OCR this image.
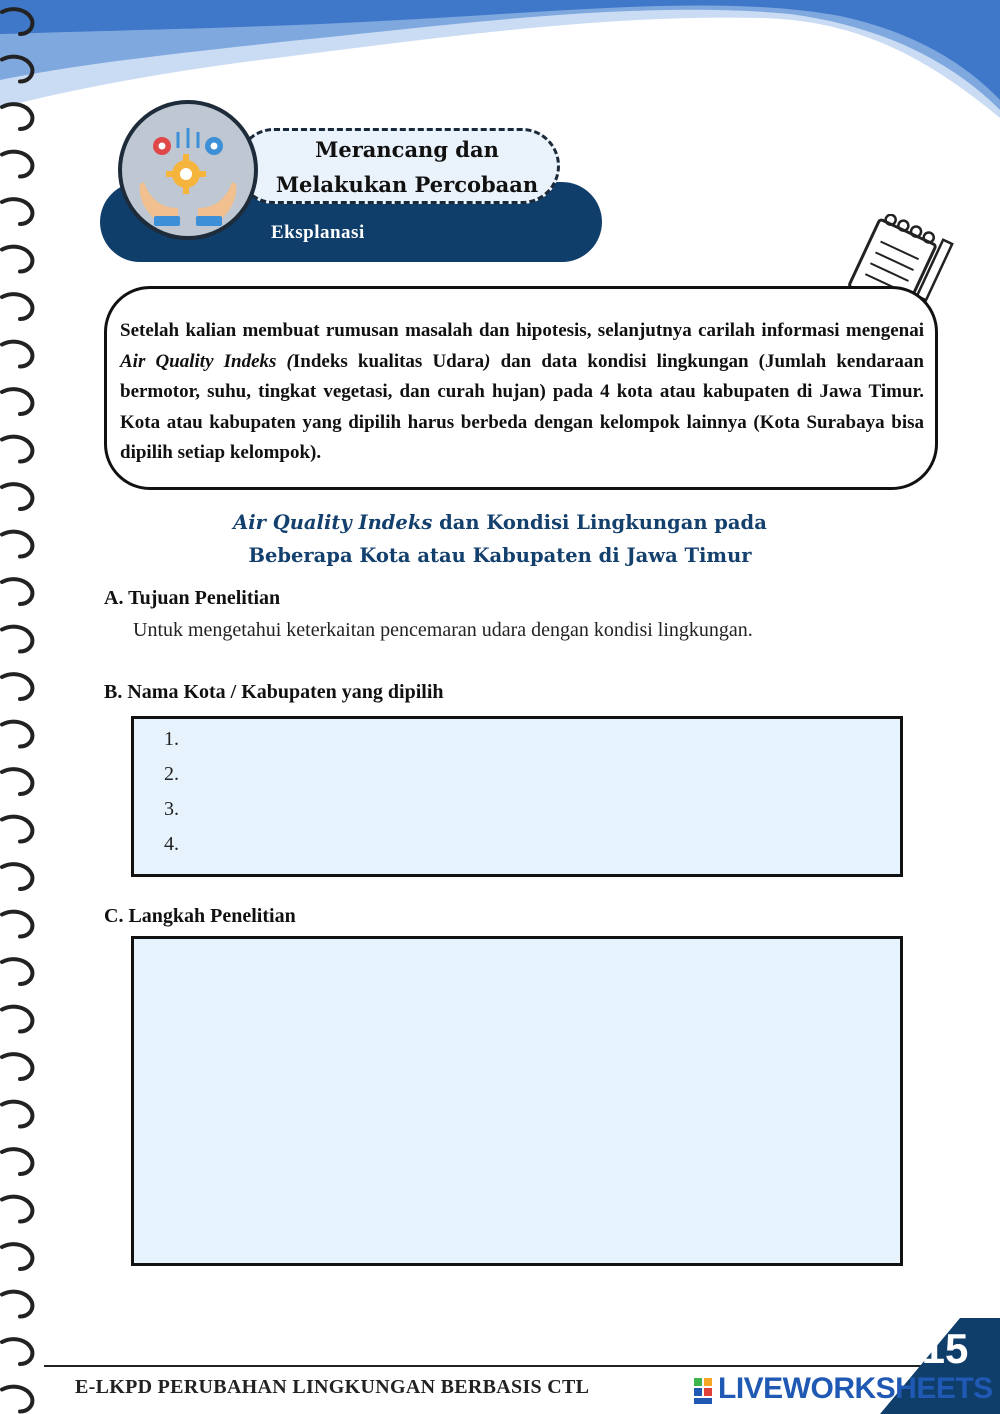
Eksplanasi
Merancang dan
Melakukan Percobaan
Setelah kalian membuat rumusan masalah dan hipotesis, selanjutnya carilah informasi mengenai Air Quality Indeks (Indeks kualitas Udara) dan data kondisi lingkungan (Jumlah kendaraan bermotor, suhu, tingkat vegetasi, dan curah hujan) pada 4 kota atau kabupaten di Jawa Timur. Kota atau kabupaten yang dipilih harus berbeda dengan kelompok lainnya (Kota Surabaya bisa dipilih setiap kelompok).
Air Quality Indeks dan Kondisi Lingkungan pada
Beberapa Kota atau Kabupaten di Jawa Timur
A. Tujuan Penelitian
Untuk mengetahui keterkaitan pencemaran udara dengan kondisi lingkungan.
B. Nama Kota / Kabupaten yang dipilih
1.
2.
3.
4.
C. Langkah Penelitian
E-LKPD PERUBAHAN LINGKUNGAN BERBASIS CTL
15
LIVEWORKSHEETS
